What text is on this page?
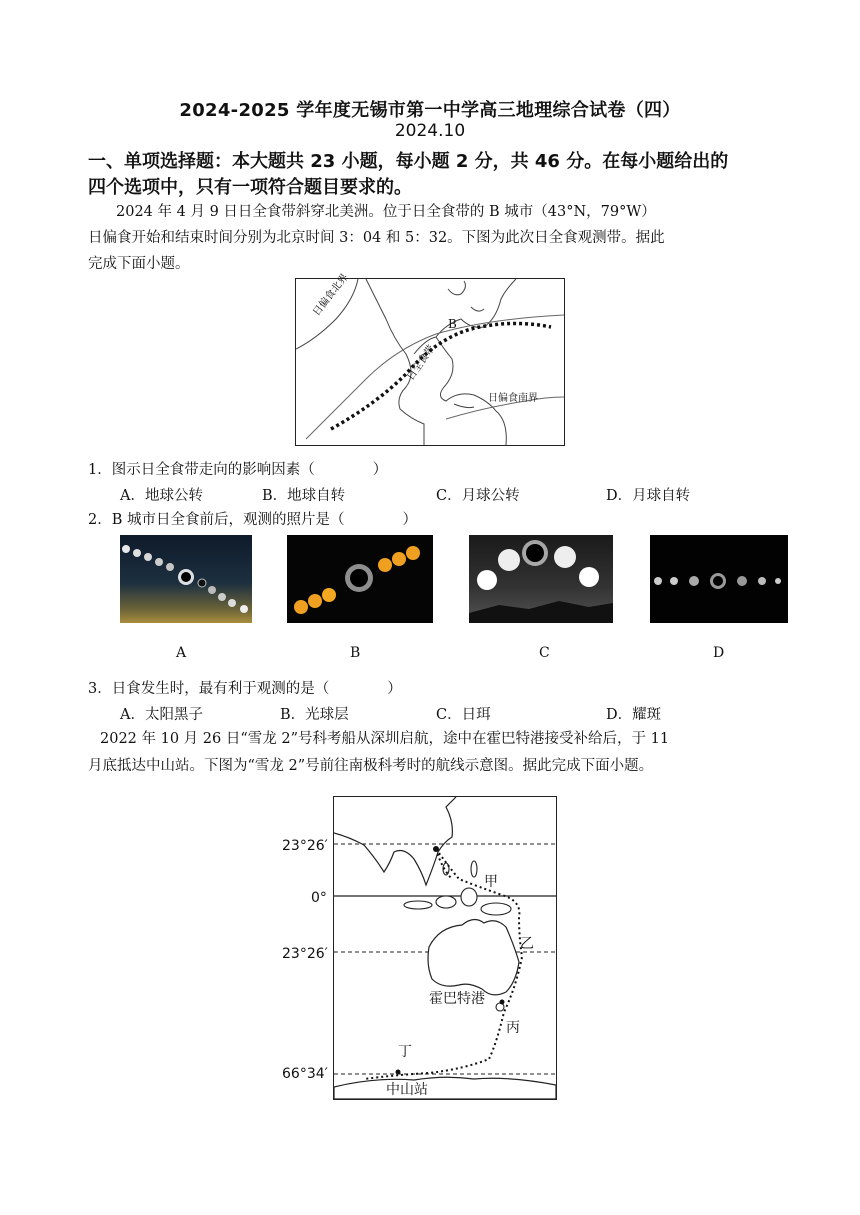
2024-2025 学年度无锡市第一中学高三地理综合试卷（四）
2024.10
一、单项选择题：本大题共 23 小题，每小题 2 分，共 46 分。在每小题给出的
四个选项中，只有一项符合题目要求的。
2024 年 4 月 9 日日全食带斜穿北美洲。位于日全食带的 B 城市（43°N，79°W）
日偏食开始和结束时间分别为北京时间 3：04 和 5：32。下图为此次日全食观测带。据此
完成下面小题。
日偏食北界
日全食带
日偏食南界
B
1．图示日全食带走向的影响因素（　　　　）
A．地球公转	B．地球自转	C．月球公转	D．月球自转
2．B 城市日全食前后，观测的照片是（　　　　）
A	B	C	D
3．日食发生时，最有利于观测的是（　　　　）
A．太阳黑子	B．光球层	C．日珥	D．耀斑
2022 年 10 月 26 日“雪龙 2”号科考船从深圳启航，途中在霍巴特港接受补给后，于 11
月底抵达中山站。下图为“雪龙 2”号前往南极科考时的航线示意图。据此完成下面小题。
23°26′
0°
23°26′
66°34′
甲
乙
霍巴特港
丙
丁
中山站
